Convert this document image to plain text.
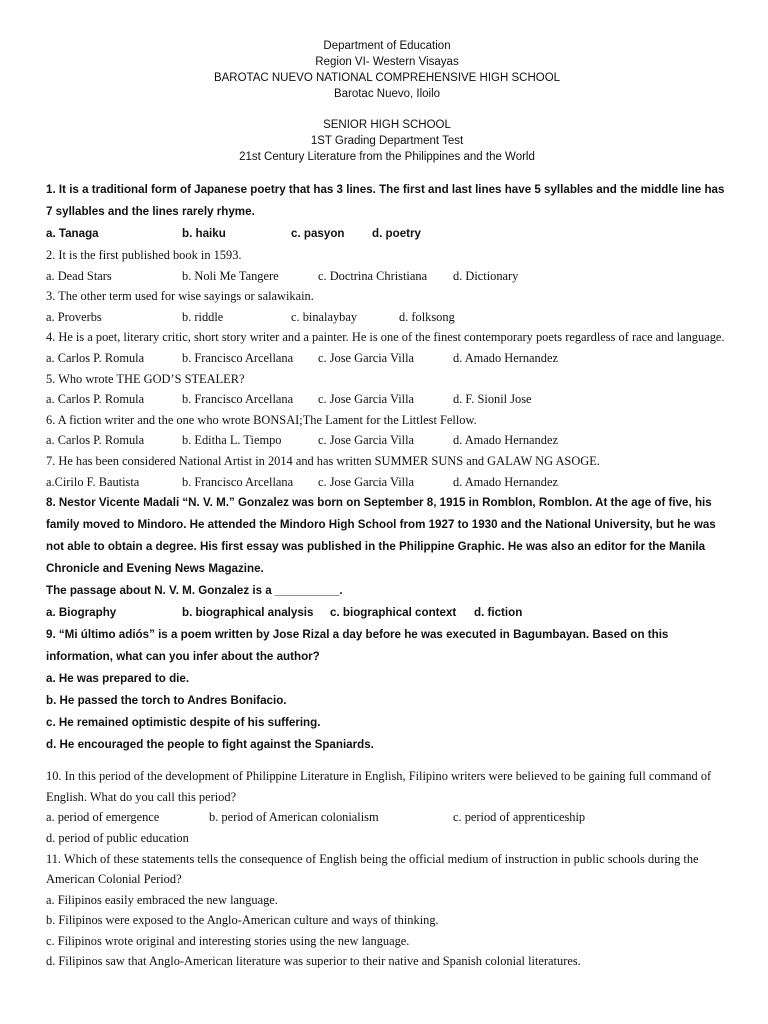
Department of Education
Region VI- Western Visayas
BAROTAC NUEVO NATIONAL COMPREHENSIVE HIGH SCHOOL
Barotac Nuevo, Iloilo
SENIOR HIGH SCHOOL
1ST Grading Department Test
21st Century Literature from the Philippines and the World
1. It is a traditional form of Japanese poetry that has 3 lines. The first and last lines have 5 syllables and the middle line has 7 syllables and the lines rarely rhyme.
a. Tanaga	b. haiku	c. pasyon	d. poetry
2. It is the first published book in 1593.
a. Dead Stars	b. Noli Me Tangere	c. Doctrina Christiana	d. Dictionary
3. The other term used for wise sayings or salawikain.
a. Proverbs	b. riddle	c. binalaybay	d. folksong
4. He is a poet, literary critic, short story writer and a painter. He is one of the finest contemporary poets regardless of race and language.
a. Carlos P. Romula	b. Francisco Arcellana	c. Jose Garcia Villa	d. Amado Hernandez
5. Who wrote THE GOD’S STEALER?
a. Carlos P. Romula	b. Francisco Arcellana	c. Jose Garcia Villa	d. F. Sionil Jose
6. A fiction writer and the one who wrote BONSAI;The Lament for the Littlest Fellow.
a. Carlos P. Romula	b. Editha L. Tiempo	c. Jose Garcia Villa	d. Amado Hernandez
7. He has been considered National Artist in 2014 and has written SUMMER SUNS and GALAW NG ASOGE.
a.Cirilo F. Bautista	b. Francisco Arcellana	c. Jose Garcia Villa	d. Amado Hernandez
8. Nestor Vicente Madali “N. V. M.” Gonzalez was born on September 8, 1915 in Romblon, Romblon. At the age of five, his family moved to Mindoro. He attended the Mindoro High School from 1927 to 1930 and the National University, but he was not able to obtain a degree. His first essay was published in the Philippine Graphic. He was also an editor for the Manila Chronicle and Evening News Magazine.
The passage about N. V. M. Gonzalez is a __________.
a. Biography	b. biographical analysis	c. biographical context	d. fiction
9. “Mi último adiós” is a poem written by Jose Rizal a day before he was executed in Bagumbayan. Based on this information, what can you infer about the author?
a. He was prepared to die.
b. He passed the torch to Andres Bonifacio.
c. He remained optimistic despite of his suffering.
d. He encouraged the people to fight against the Spaniards.
10. In this period of the development of Philippine Literature in English, Filipino writers were believed to be gaining full command of English. What do you call this period?
a. period of emergence	b. period of American colonialism	c. period of apprenticeship
d. period of public education
11. Which of these statements tells the consequence of English being the official medium of instruction in public schools during the American Colonial Period?
a. Filipinos easily embraced the new language.
b. Filipinos were exposed to the Anglo-American culture and ways of thinking.
c. Filipinos wrote original and interesting stories using the new language.
d. Filipinos saw that Anglo-American literature was superior to their native and Spanish colonial literatures.
